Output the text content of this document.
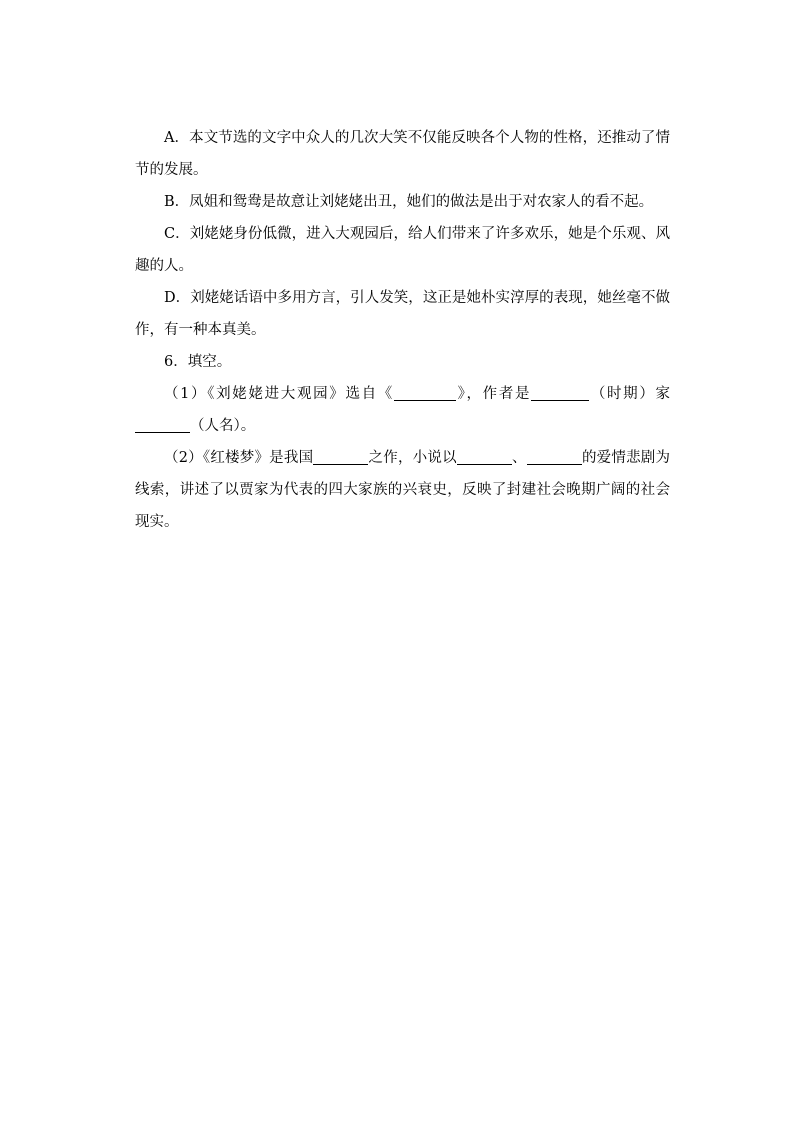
A．本文节选的文字中众人的几次大笑不仅能反映各个人物的性格，还推动了情节的发展。

B．凤姐和鸳鸯是故意让刘姥姥出丑，她们的做法是出于对农家人的看不起。

C．刘姥姥身份低微，进入大观园后，给人们带来了许多欢乐，她是个乐观、风趣的人。

D．刘姥姥话语中多用方言，引人发笑，这正是她朴实淳厚的表现，她丝毫不做作，有一种本真美。

6．填空。

（1）《刘姥姥进大观园》选自《	》，作者是	（时期）家（人名）。

（2）《红楼梦》是我国	之作，小说以	、	的爱情悲剧为线索，讲述了以贾家为代表的四大家族的兴衰史，反映了封建社会晚期广阔的社会现实。
